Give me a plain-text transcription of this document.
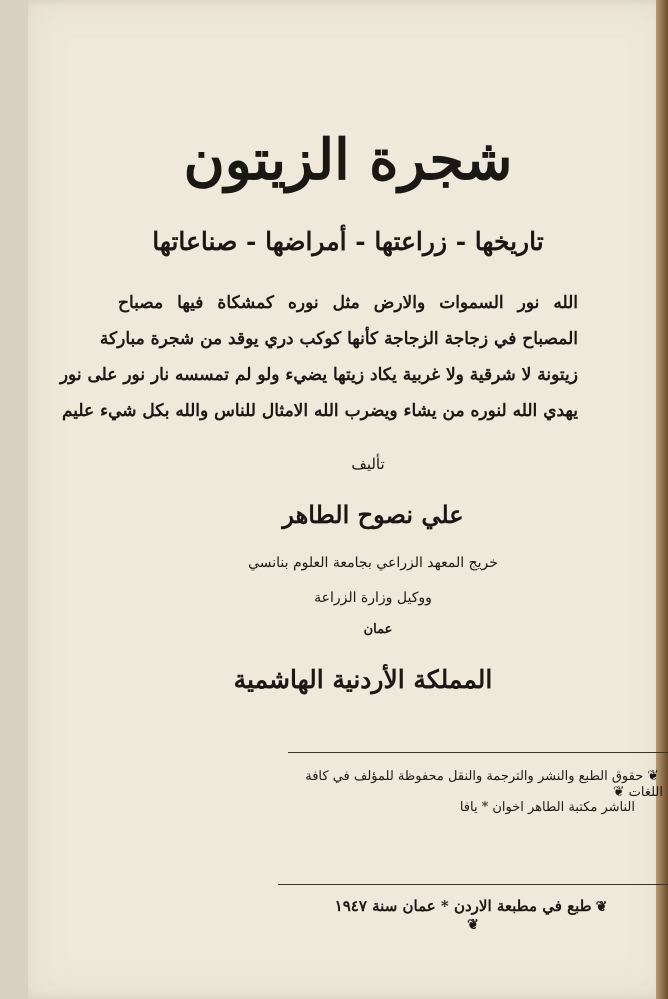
شجرة الزيتون
تاريخها - زراعتها - أمراضها - صناعاتها
الله نور السموات والارض مثل نوره كمشكاة فيها مصباح
المصباح في زجاجة الزجاجة كأنها كوكب دري يوقد من شجرة مباركة
زيتونة لا شرقية ولا غربية يكاد زيتها يضيء ولو لم تمسسه نار نور على نور
يهدي الله لنوره من يشاء ويضرب الله الامثال للناس والله بكل شيء عليم
تأليف
علي نصوح الطاهر
خريج المعهد الزراعي بجامعة العلوم بنانسي
ووكيل وزارة الزراعة
عمان
المملكة الأردنية الهاشمية
❦حقوق الطبع والنشر والترجمة والنقل محفوظة للمؤلف في كافة اللغات❦
الناشر مكتبة الطاهر اخوان * يافا
❦طبع في مطبعة الاردن * عمان سنة ١٩٤٧❦
